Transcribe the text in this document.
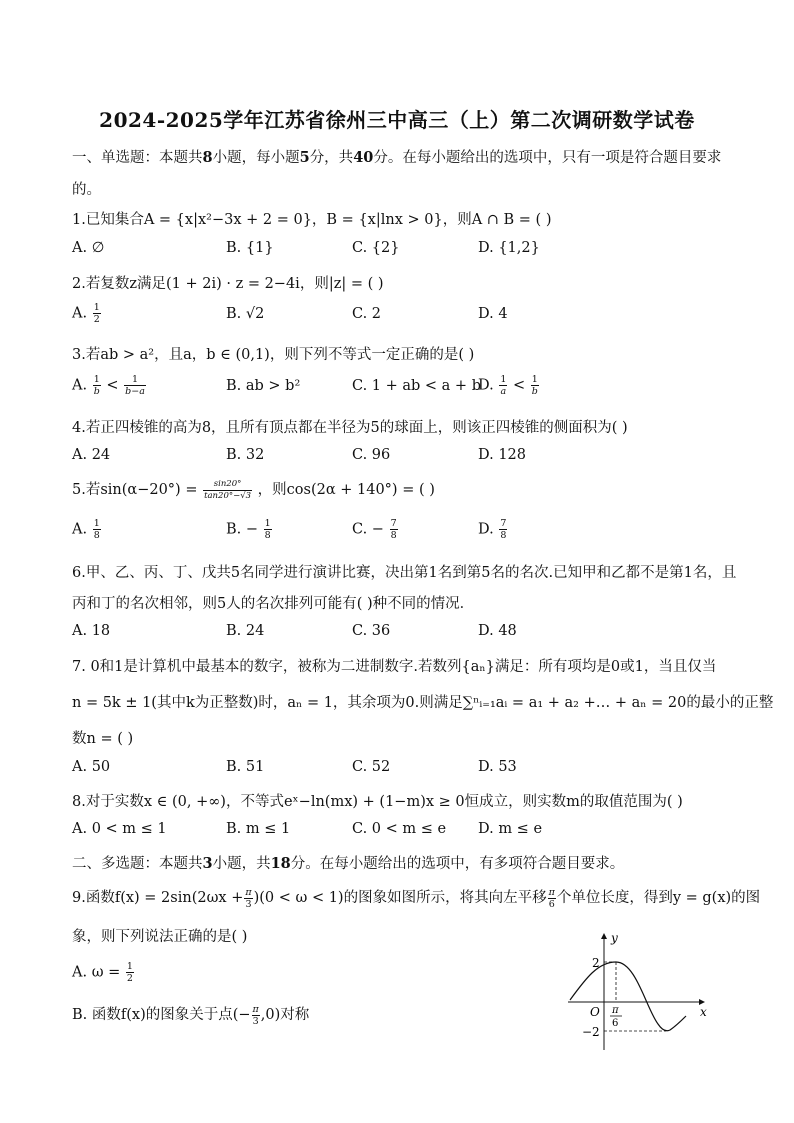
2024-2025学年江苏省徐州三中高三（上）第二次调研数学试卷
一、单选题：本题共8小题，每小题5分，共40分。在每小题给出的选项中，只有一项是符合题目要求
的。
1.已知集合A = {x|x²−3x + 2 = 0}，B = {x|lnx > 0}，则A ∩ B = ( )
A. ∅	B. {1}	C. {2}	D. {1,2}
2.若复数z满足(1 + 2i) · z = 2−4i，则|z| = ( )
A. $\frac{1}{2}$	B. √2	C. 2	D. 4
3.若ab > a²，且a，b ∈ (0,1)，则下列不等式一定正确的是( )
A. $\frac{1}{b} < \frac{1}{b-a}$	B. ab > b²	C. 1 + ab < a + b
D. $\frac{1}{a} < \frac{1}{b}$
4.若正四棱锥的高为8，且所有顶点都在半径为5的球面上，则该正四棱锥的侧面积为( )
A. 24	B. 32	C. 96	D. 128
5.若$\sin(\alpha-20^\circ) = \frac{\sin 20^\circ}{\tan 20^\circ-√3}$ ，则cos(2α + 140°) = ( )
A. $\frac{1}{8}$	B. − $\frac{1}{8}$	C. − $\frac{7}{8}$	D. $\frac{7}{8}$
6.甲、乙、丙、丁、戊共5名同学进行演讲比赛，决出第1名到第5名的名次.已知甲和乙都不是第1名，且
丙和丁的名次相邻，则5人的名次排列可能有( )种不同的情况．
A. 18	B. 24	C. 36	D. 48
7. 0和1是计算机中最基本的数字，被称为二进制数字.若数列{aₙ}满足：所有项均是0或1，当且仅当
n = 5k ± 1(其中k为正整数)时，aₙ = 1，其余项为0.则满足∑ⁿᵢ₌₁aᵢ = a₁ + a₂ +… + aₙ = 20的最小的正整
数n = ( )
A. 50	B. 51	C. 52	D. 53
8.对于实数x ∈ (0, +∞)，不等式eˣ−ln(mx) + (1−m)x ≥ 0恒成立，则实数m的取值范围为( )
A. 0 < m ≤ 1	B. m ≤ 1	C. 0 < m ≤ e D. m ≤ e
二、多选题：本题共3小题，共18分。在每小题给出的选项中，有多项符合题目要求。
9.函数$f(x) = 2\sin(2\omega x + \frac{\pi}{3} )(0 < \omega < 1)$的图象如图所示，将其向左平移 $\frac{\pi}{6}$ 个单位长度，得到y = g(x)的图
象，则下列说法正确的是( )
A. $\omega = \frac{1}{2}$
B. 函数f(x)的图象关于点(− $\frac{\pi}{3} ,0$)对称
y
x
O
2
−2
π
6
